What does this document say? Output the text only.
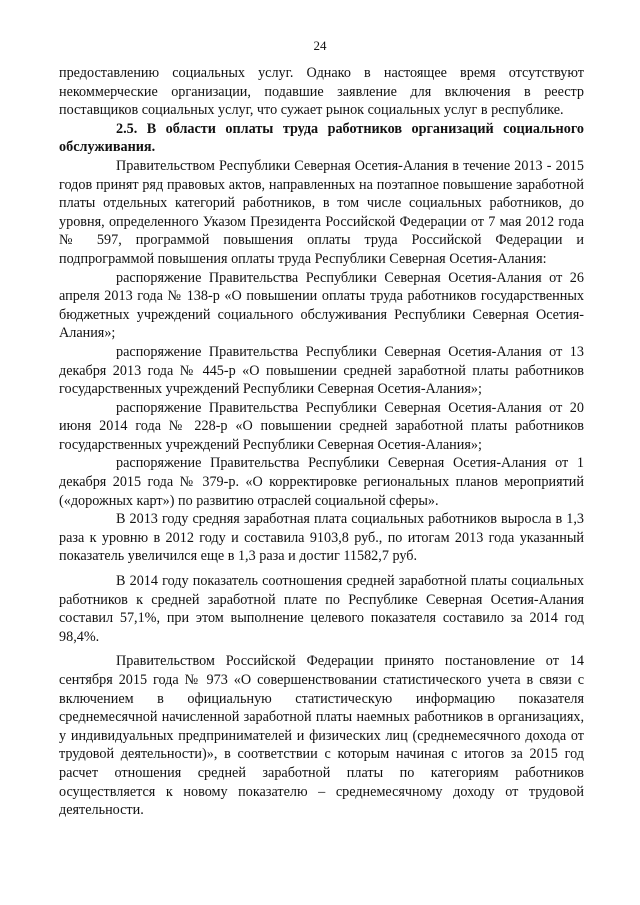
24

предоставлению социальных услуг. Однако в настоящее время отсутствуют некоммерческие организации, подавшие заявление для включения в реестр поставщиков социальных услуг, что сужает рынок социальных услуг в республике.

2.5. В области оплаты труда работников организаций социального обслуживания.

Правительством Республики Северная Осетия-Алания в течение 2013 - 2015 годов принят ряд правовых актов, направленных на поэтапное повышение заработной платы отдельных категорий работников, в том числе социальных работников, до уровня, определенного Указом Президента Российской Федерации от 7 мая 2012 года № 597, программой повышения оплаты труда Российской Федерации и подпрограммой повышения оплаты труда Республики Северная Осетия-Алания:

распоряжение Правительства Республики Северная Осетия-Алания от 26 апреля 2013 года № 138-р «О повышении оплаты труда работников государственных бюджетных учреждений социального обслуживания Республики Северная Осетия-Алания»;

распоряжение Правительства Республики Северная Осетия-Алания от 13 декабря 2013 года № 445-р «О повышении средней заработной платы работников государственных учреждений Республики Северная Осетия-Алания»;

распоряжение Правительства Республики Северная Осетия-Алания от 20 июня 2014 года № 228-р «О повышении средней заработной платы работников государственных учреждений Республики Северная Осетия-Алания»;

распоряжение Правительства Республики Северная Осетия-Алания от 1 декабря 2015 года № 379-р. «О корректировке региональных планов мероприятий («дорожных карт») по развитию отраслей социальной сферы».

В 2013 году средняя заработная плата социальных работников выросла в 1,3 раза к уровню в 2012 году и составила 9103,8 руб., по итогам 2013 года указанный показатель увеличился еще в 1,3 раза и достиг 11582,7 руб.

В 2014 году показатель соотношения средней заработной платы социальных работников к средней заработной плате по Республике Северная Осетия-Алания составил 57,1%, при этом выполнение целевого показателя составило за 2014 год 98,4%.

Правительством Российской Федерации принято постановление от 14 сентября 2015 года № 973 «О совершенствовании статистического учета в связи с включением в официальную статистическую информацию показателя среднемесячной начисленной заработной платы наемных работников в организациях, у индивидуальных предпринимателей и физических лиц (среднемесячного дохода от трудовой деятельности)», в соответствии с которым начиная с итогов за 2015 год расчет отношения средней заработной платы по категориям работников осуществляется к новому показателю – среднемесячному доходу от трудовой деятельности.
